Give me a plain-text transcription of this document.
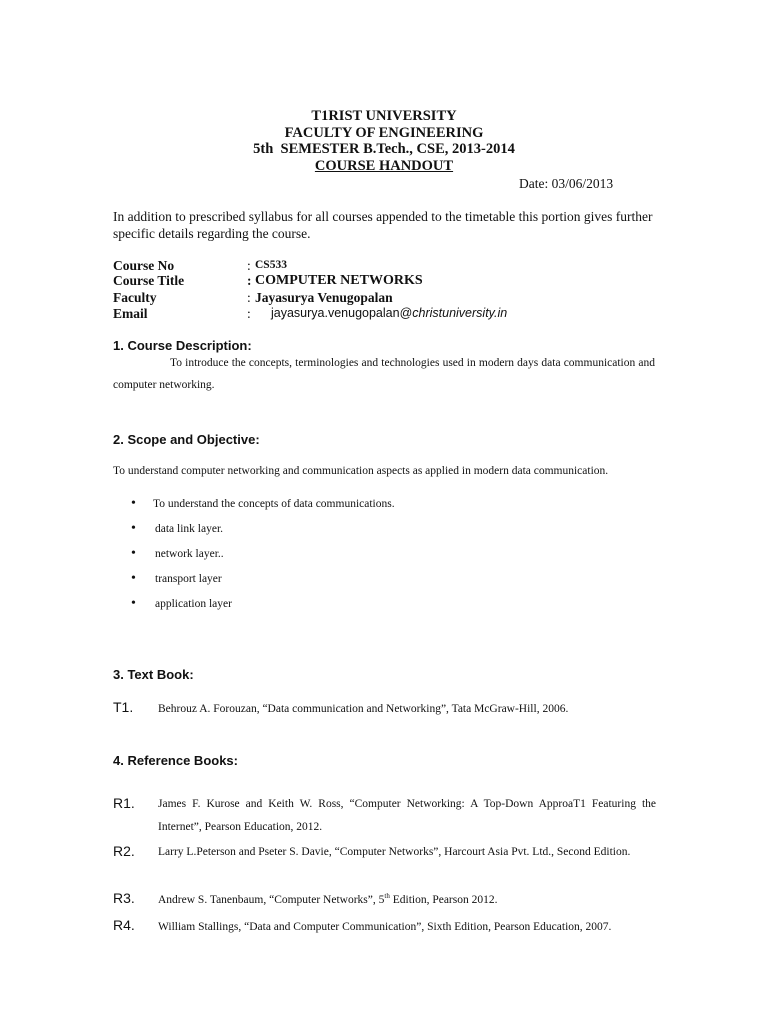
T1RIST UNIVERSITY
FACULTY OF ENGINEERING
5th  SEMESTER B.Tech., CSE, 2013-2014
COURSE HANDOUT
Date: 03/06/2013
In addition to prescribed syllabus for all courses appended to the timetable this portion gives further specific details regarding the course.
Course No	: CS533
Course Title	: COMPUTER NETWORKS
Faculty	: Jayasurya Venugopalan
Email	: jayasurya.venugopalan@christuniversity.in
1. Course Description:
To introduce the concepts, terminologies and technologies used in modern days data communication and computer networking.
2. Scope and Objective:
To understand computer networking and communication aspects as applied in modern data communication.
• To understand the concepts of data communications.
• data link layer.
• network layer..
• transport layer
• application layer
3. Text Book:
T1. Behrouz A. Forouzan, “Data communication and Networking”, Tata McGraw-Hill, 2006.
4. Reference Books:
R1. James F. Kurose and Keith W. Ross, “Computer Networking: A Top-Down ApproaT1 Featuring the Internet”, Pearson Education, 2012.
R2. Larry L.Peterson and Pseter S. Davie, “Computer Networks”, Harcourt Asia Pvt. Ltd., Second Edition.
R3. Andrew S. Tanenbaum, “Computer Networks”, 5th Edition, Pearson 2012.
R4. William Stallings, “Data and Computer Communication”, Sixth Edition, Pearson Education, 2007.
